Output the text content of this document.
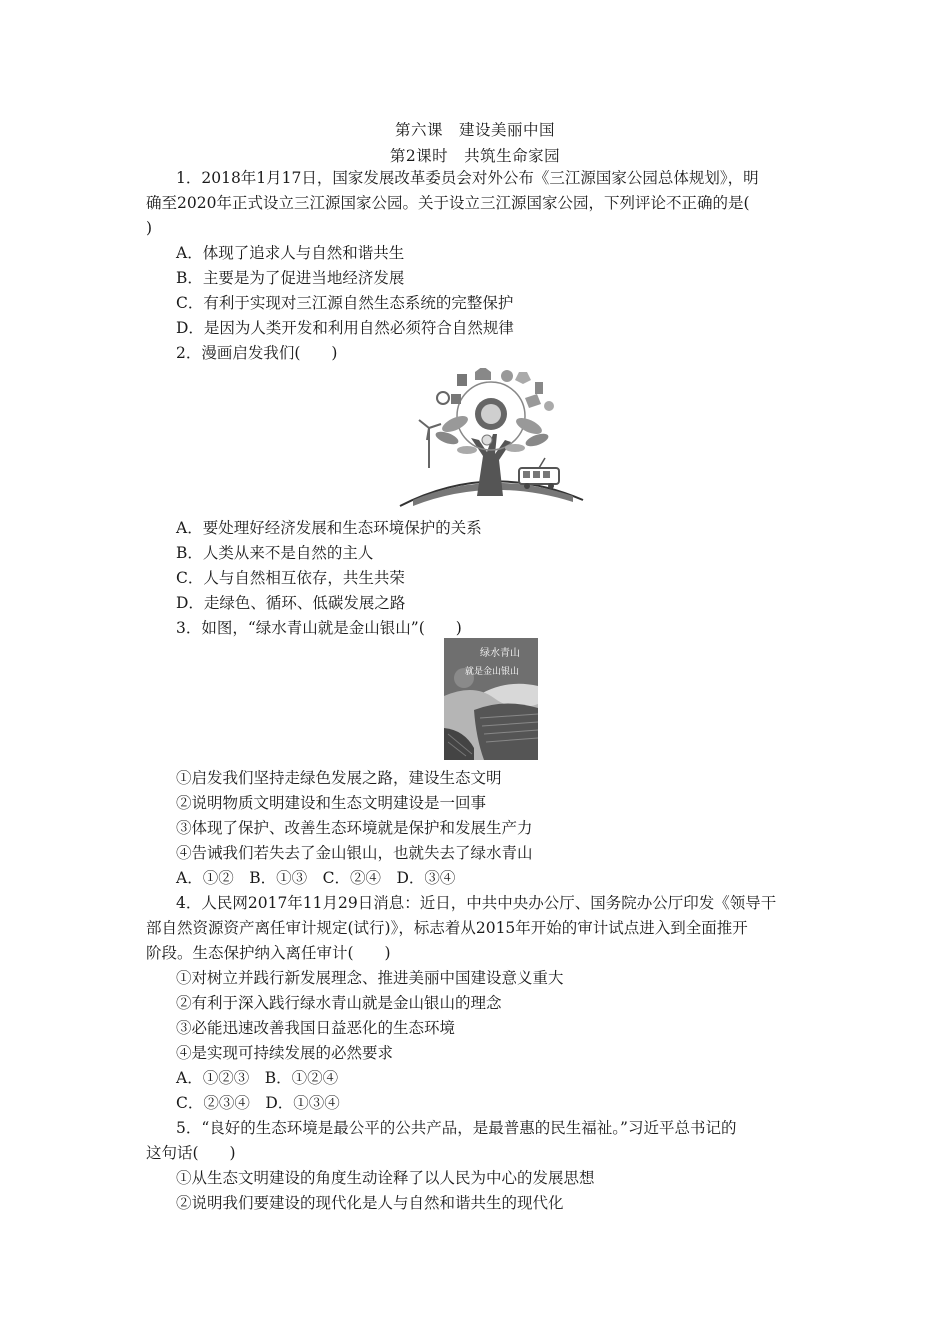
第六课　建设美丽中国
第2课时　共筑生命家园
1．2018年1月17日，国家发展改革委员会对外公布《三江源国家公园总体规划》，明
确至2020年正式设立三江源国家公园。关于设立三江源国家公园，下列评论不正确的是(
)
A．体现了追求人与自然和谐共生
B．主要是为了促进当地经济发展
C．有利于实现对三江源自然生态系统的完整保护
D．是因为人类开发和利用自然必须符合自然规律
2．漫画启发我们(　　)
A．要处理好经济发展和生态环境保护的关系
B．人类从来不是自然的主人
C．人与自然相互依存，共生共荣
D．走绿色、循环、低碳发展之路
3．如图，“绿水青山就是金山银山”(　　)
绿水青山
就是金山银山
①启发我们坚持走绿色发展之路，建设生态文明
②说明物质文明建设和生态文明建设是一回事
③体现了保护、改善生态环境就是保护和发展生产力
④告诫我们若失去了金山银山，也就失去了绿水青山
A．①②　B．①③　C．②④　D．③④
4．人民网2017年11月29日消息：近日，中共中央办公厅、国务院办公厅印发《领导干
部自然资源资产离任审计规定(试行)》，标志着从2015年开始的审计试点进入到全面推开
阶段。生态保护纳入离任审计(　　)
①对树立并践行新发展理念、推进美丽中国建设意义重大
②有利于深入践行绿水青山就是金山银山的理念
③必能迅速改善我国日益恶化的生态环境
④是实现可持续发展的必然要求
A．①②③　B．①②④
C．②③④　D．①③④
5．“良好的生态环境是最公平的公共产品，是最普惠的民生福祉。”习近平总书记的
这句话(　　)
①从生态文明建设的角度生动诠释了以人民为中心的发展思想
②说明我们要建设的现代化是人与自然和谐共生的现代化
